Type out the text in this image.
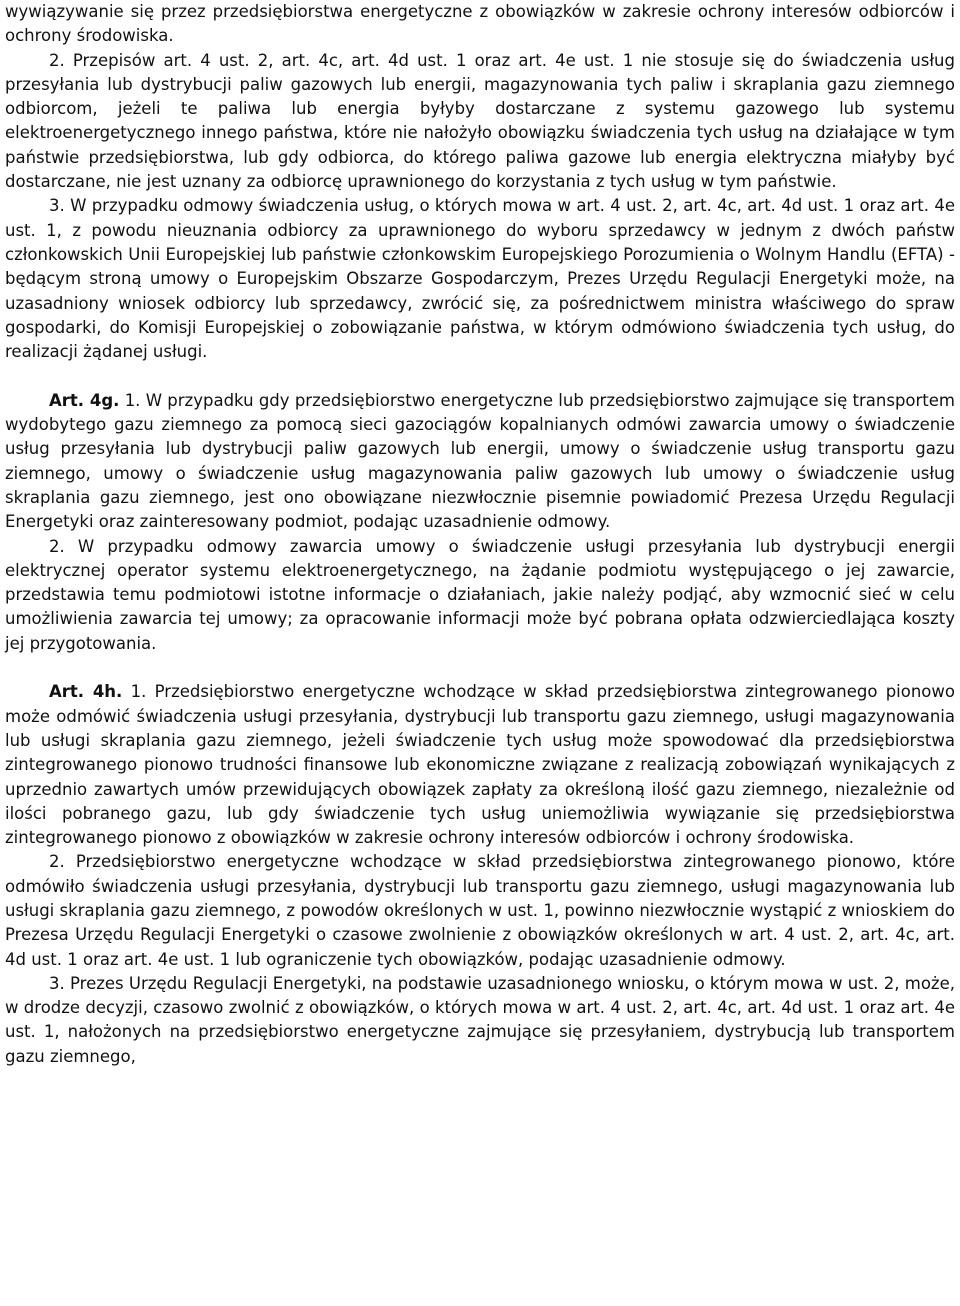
wywiązywanie się przez przedsiębiorstwa energetyczne z obowiązków w zakresie ochrony interesów odbiorców i ochrony środowiska.

2. Przepisów art. 4 ust. 2, art. 4c, art. 4d ust. 1 oraz art. 4e ust. 1 nie stosuje się do świadczenia usług przesyłania lub dystrybucji paliw gazowych lub energii, magazynowania tych paliw i skraplania gazu ziemnego odbiorcom, jeżeli te paliwa lub energia byłyby dostarczane z systemu gazowego lub systemu elektroenergetycznego innego państwa, które nie nałożyło obowiązku świadczenia tych usług na działające w tym państwie przedsiębiorstwa, lub gdy odbiorca, do którego paliwa gazowe lub energia elektryczna miałyby być dostarczane, nie jest uznany za odbiorcę uprawnionego do korzystania z tych usług w tym państwie.

3. W przypadku odmowy świadczenia usług, o których mowa w art. 4 ust. 2, art. 4c, art. 4d ust. 1 oraz art. 4e ust. 1, z powodu nieuznania odbiorcy za uprawnionego do wyboru sprzedawcy w jednym z dwóch państw członkowskich Unii Europejskiej lub państwie członkowskim Europejskiego Porozumienia o Wolnym Handlu (EFTA) - będącym stroną umowy o Europejskim Obszarze Gospodarczym, Prezes Urzędu Regulacji Energetyki może, na uzasadniony wniosek odbiorcy lub sprzedawcy, zwrócić się, za pośrednictwem ministra właściwego do spraw gospodarki, do Komisji Europejskiej o zobowiązanie państwa, w którym odmówiono świadczenia tych usług, do realizacji żądanej usługi.

Art. 4g. 1. W przypadku gdy przedsiębiorstwo energetyczne lub przedsiębiorstwo zajmujące się transportem wydobytego gazu ziemnego za pomocą sieci gazociągów kopalnianych odmówi zawarcia umowy o świadczenie usług przesyłania lub dystrybucji paliw gazowych lub energii, umowy o świadczenie usług transportu gazu ziemnego, umowy o świadczenie usług magazynowania paliw gazowych lub umowy o świadczenie usług skraplania gazu ziemnego, jest ono obowiązane niezwłocznie pisemnie powiadomić Prezesa Urzędu Regulacji Energetyki oraz zainteresowany podmiot, podając uzasadnienie odmowy.

2. W przypadku odmowy zawarcia umowy o świadczenie usługi przesyłania lub dystrybucji energii elektrycznej operator systemu elektroenergetycznego, na żądanie podmiotu występującego o jej zawarcie, przedstawia temu podmiotowi istotne informacje o działaniach, jakie należy podjąć, aby wzmocnić sieć w celu umożliwienia zawarcia tej umowy; za opracowanie informacji może być pobrana opłata odzwierciedlająca koszty jej przygotowania.

Art. 4h. 1. Przedsiębiorstwo energetyczne wchodzące w skład przedsiębiorstwa zintegrowanego pionowo może odmówić świadczenia usługi przesyłania, dystrybucji lub transportu gazu ziemnego, usługi magazynowania lub usługi skraplania gazu ziemnego, jeżeli świadczenie tych usług może spowodować dla przedsiębiorstwa zintegrowanego pionowo trudności finansowe lub ekonomiczne związane z realizacją zobowiązań wynikających z uprzednio zawartych umów przewidujących obowiązek zapłaty za określoną ilość gazu ziemnego, niezależnie od ilości pobranego gazu, lub gdy świadczenie tych usług uniemożliwia wywiązanie się przedsiębiorstwa zintegrowanego pionowo z obowiązków w zakresie ochrony interesów odbiorców i ochrony środowiska.

2. Przedsiębiorstwo energetyczne wchodzące w skład przedsiębiorstwa zintegrowanego pionowo, które odmówiło świadczenia usługi przesyłania, dystrybucji lub transportu gazu ziemnego, usługi magazynowania lub usługi skraplania gazu ziemnego, z powodów określonych w ust. 1, powinno niezwłocznie wystąpić z wnioskiem do Prezesa Urzędu Regulacji Energetyki o czasowe zwolnienie z obowiązków określonych w art. 4 ust. 2, art. 4c, art. 4d ust. 1 oraz art. 4e ust. 1 lub ograniczenie tych obowiązków, podając uzasadnienie odmowy.

3. Prezes Urzędu Regulacji Energetyki, na podstawie uzasadnionego wniosku, o którym mowa w ust. 2, może, w drodze decyzji, czasowo zwolnić z obowiązków, o których mowa w art. 4 ust. 2, art. 4c, art. 4d ust. 1 oraz art. 4e ust. 1, nałożonych na przedsiębiorstwo energetyczne zajmujące się przesyłaniem, dystrybucją lub transportem gazu ziemnego,
